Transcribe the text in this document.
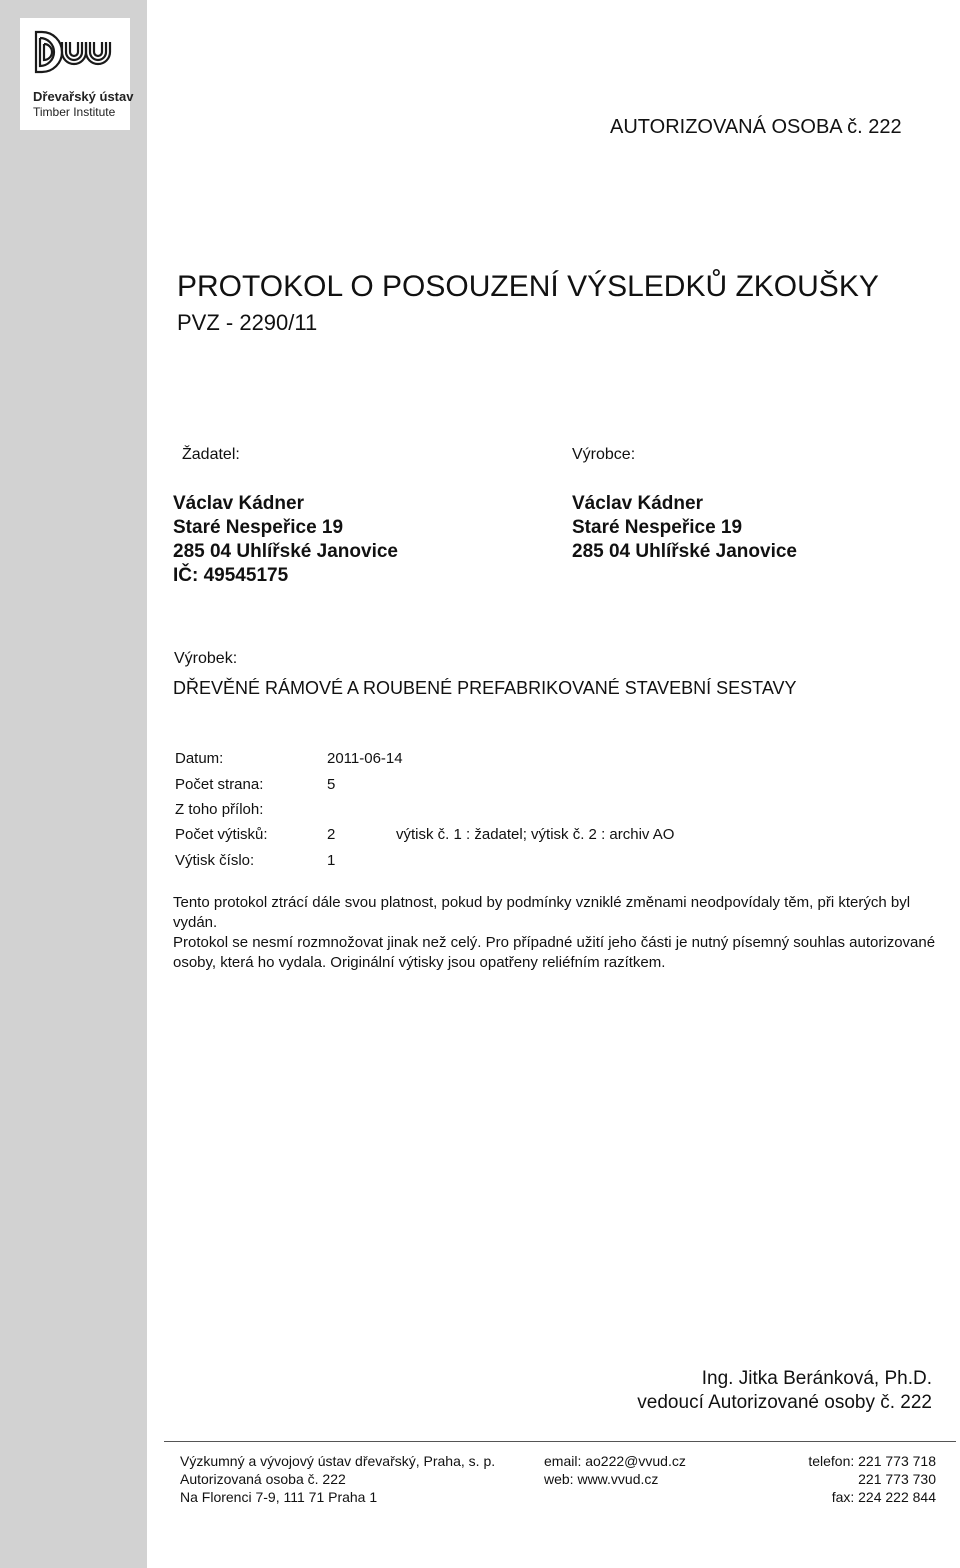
Dřevařský ústav
Timber Institute
AUTORIZOVANÁ OSOBA č. 222
PROTOKOL O POSOUZENÍ VÝSLEDKŮ ZKOUŠKY
PVZ - 2290/11
Žadatel:
Václav Kádner
Staré Nespeřice 19
285 04 Uhlířské Janovice
IČ: 49545175
Výrobce:
Václav Kádner
Staré Nespeřice 19
285 04 Uhlířské Janovice
Výrobek:
DŘEVĚNÉ RÁMOVÉ A ROUBENÉ PREFABRIKOVANÉ STAVEBNÍ SESTAVY
Datum:	2011-06-14
Počet strana:	5
Z toho příloh:
Počet výtisků:	2	výtisk č. 1 : žadatel; výtisk č. 2 : archiv AO
Výtisk číslo:	1

Tento protokol ztrácí dále svou platnost, pokud by podmínky vzniklé změnami neodpovídaly těm, při kterých byl vydán.

Protokol se nesmí rozmnožovat jinak než celý. Pro případné užití jeho části je nutný písemný souhlas autorizované osoby, která ho vydala. Originální výtisky jsou opatřeny reliéfním razítkem.

Ing. Jitka Beránková, Ph.D.
vedoucí Autorizované osoby č. 222
Výzkumný a vývojový ústav dřevařský, Praha, s. p.
Autorizovaná osoba č. 222
Na Florenci 7-9, 111 71 Praha 1
email: ao222@vvud.cz
web: www.vvud.cz
telefon: 221 773 718
221 773 730
fax: 224 222 844
